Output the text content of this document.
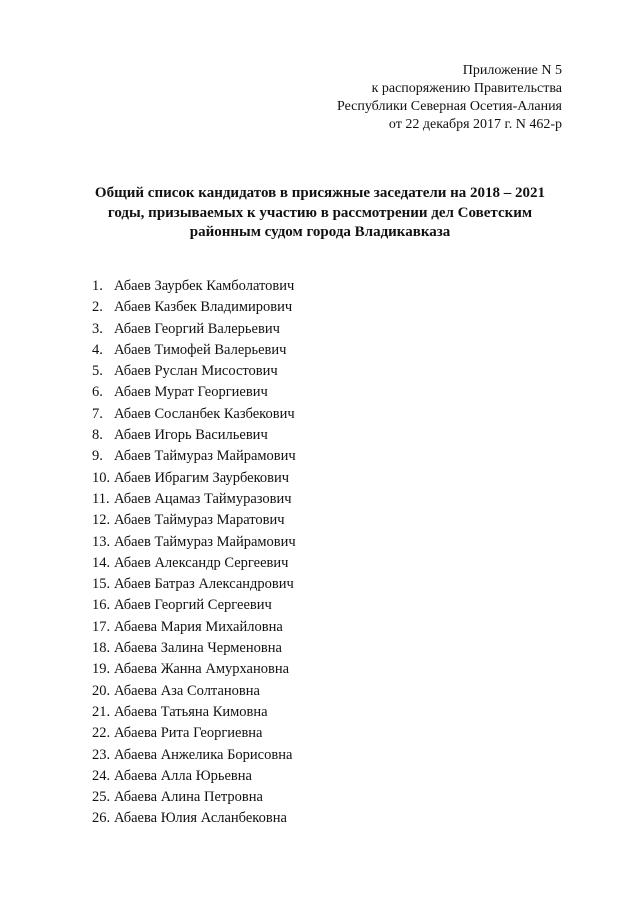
Приложение N 5
к распоряжению Правительства
Республики Северная Осетия-Алания
от 22 декабря 2017 г. N 462-р
Общий список кандидатов в присяжные заседатели на 2018 – 2021
годы, призываемых к участию в рассмотрении дел Советским
районным судом города Владикавказа
1. Абаев Заурбек Камболатович
2. Абаев Казбек Владимирович
3. Абаев Георгий Валерьевич
4. Абаев Тимофей Валерьевич
5. Абаев Руслан Мисостович
6. Абаев Мурат Георгиевич
7. Абаев Сосланбек Казбекович
8. Абаев Игорь Васильевич
9. Абаев Таймураз Майрамович
10. Абаев Ибрагим Заурбекович
11. Абаев Ацамаз Таймуразович
12. Абаев Таймураз Маратович
13. Абаев Таймураз Майрамович
14. Абаев Александр Сергеевич
15. Абаев Батраз Александрович
16. Абаев Георгий Сергеевич
17. Абаева Мария Михайловна
18. Абаева Залина Черменовна
19. Абаева Жанна Амурхановна
20. Абаева Аза Солтановна
21. Абаева Татьяна Кимовна
22. Абаева Рита Георгиевна
23. Абаева Анжелика Борисовна
24. Абаева Алла Юрьевна
25. Абаева Алина Петровна
26. Абаева Юлия Асланбековна
